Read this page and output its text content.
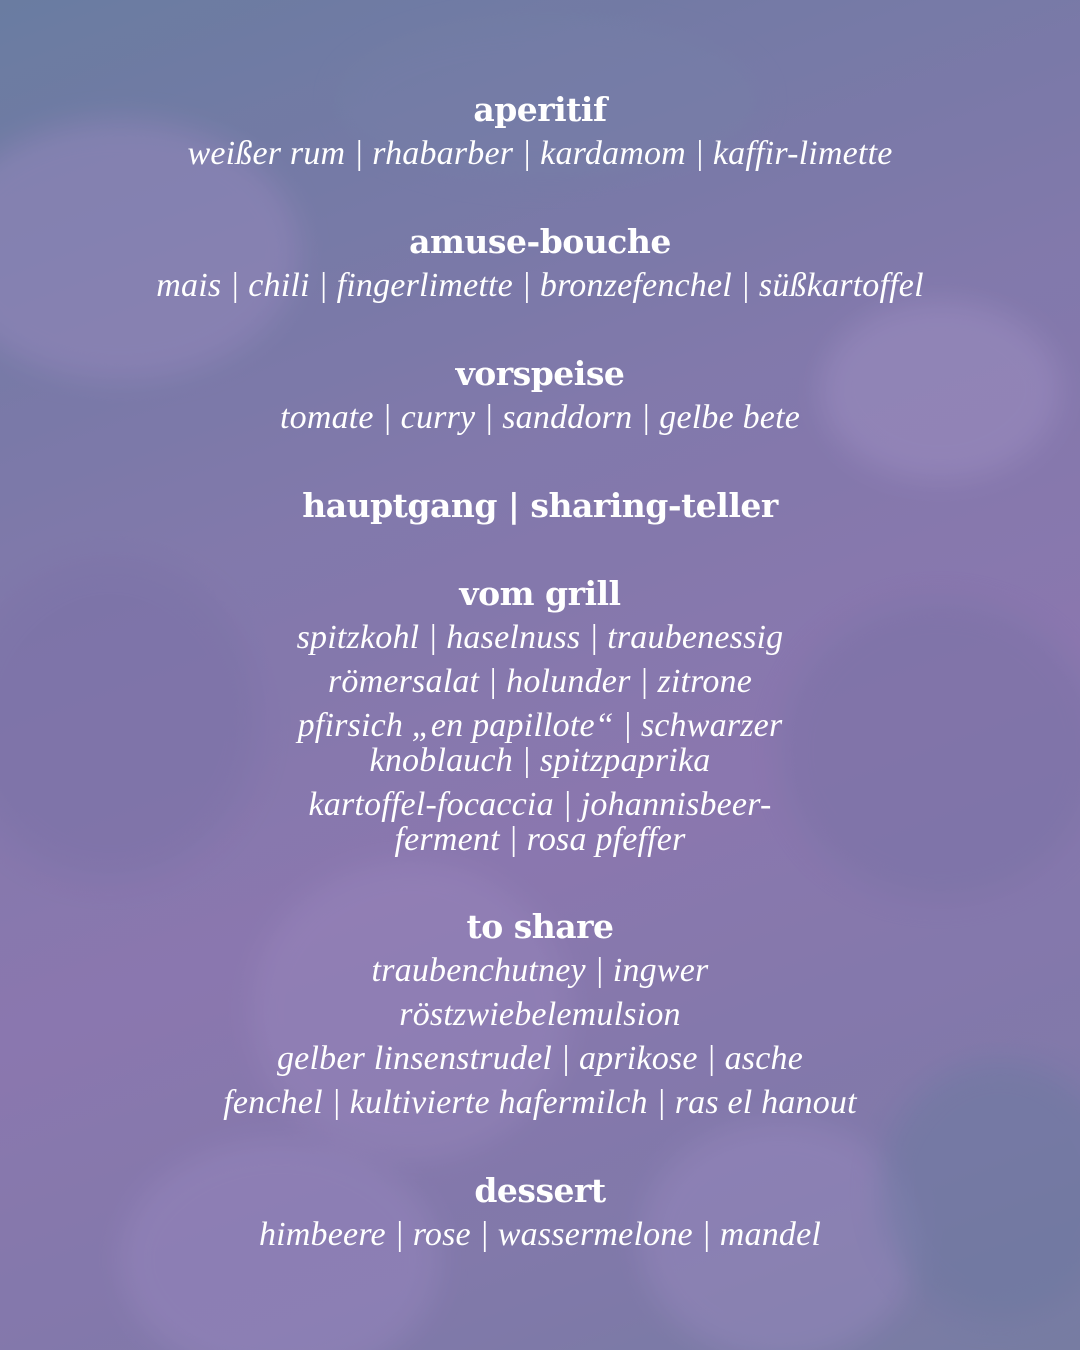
aperitif
weißer rum | rhabarber | kardamom | kaffir-limette
amuse-bouche
mais | chili | fingerlimette | bronzefenchel | süßkartoffel
vorspeise
tomate | curry | sanddorn | gelbe bete
hauptgang | sharing-teller
vom grill
spitzkohl | haselnuss | traubenessig
römersalat | holunder | zitrone
pfirsich „en papillote“ | schwarzer
knoblauch | spitzpaprika
kartoffel-focaccia | johannisbeer-
ferment | rosa pfeffer
to share
traubenchutney | ingwer
röstzwiebelemulsion
gelber linsenstrudel | aprikose | asche
fenchel | kultivierte hafermilch | ras el hanout
dessert
himbeere | rose | wassermelone | mandel
